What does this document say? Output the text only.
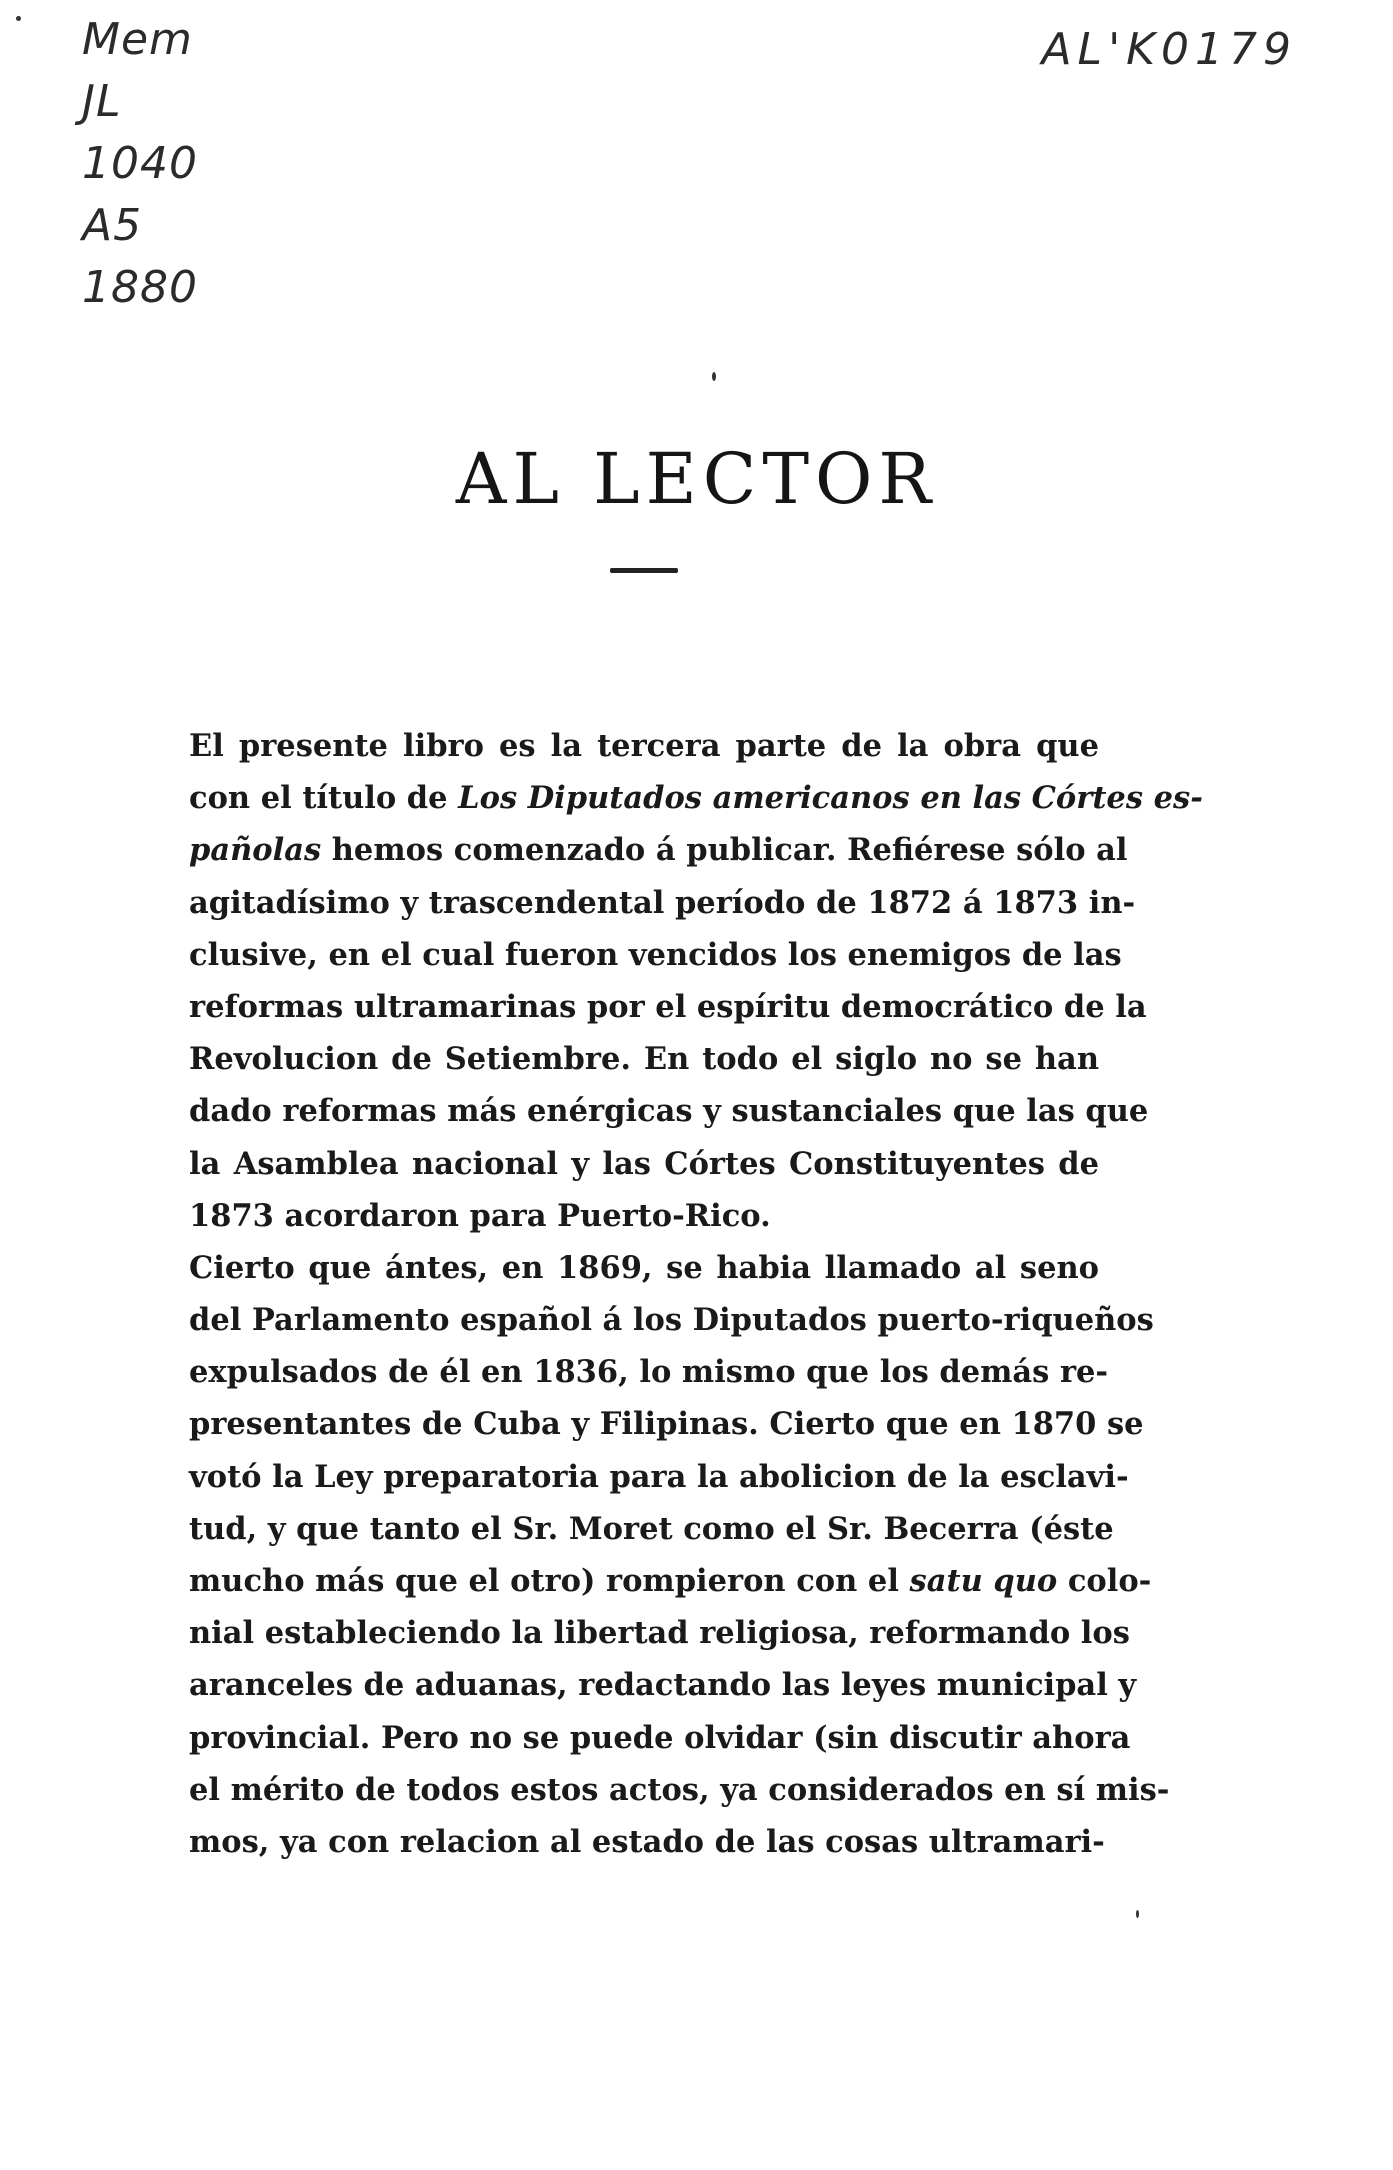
Mem
JL
1040
A5
1880
AL'K0179
AL LECTOR
El presente libro es la tercera parte de la obra que
con el título de Los Diputados americanos en las Córtes es-
pañolas hemos comenzado á publicar. Refiérese sólo al
agitadísimo y trascendental período de 1872 á 1873 in-
clusive, en el cual fueron vencidos los enemigos de las
reformas ultramarinas por el espíritu democrático de la
Revolucion de Setiembre. En todo el siglo no se han
dado reformas más enérgicas y sustanciales que las que
la Asamblea nacional y las Córtes Constituyentes de
1873 acordaron para Puerto-Rico.
Cierto que ántes, en 1869, se habia llamado al seno
del Parlamento español á los Diputados puerto-riqueños
expulsados de él en 1836, lo mismo que los demás re-
presentantes de Cuba y Filipinas. Cierto que en 1870 se
votó la Ley preparatoria para la abolicion de la esclavi-
tud, y que tanto el Sr. Moret como el Sr. Becerra (éste
mucho más que el otro) rompieron con el satu quo colo-
nial estableciendo la libertad religiosa, reformando los
aranceles de aduanas, redactando las leyes municipal y
provincial. Pero no se puede olvidar (sin discutir ahora
el mérito de todos estos actos, ya considerados en sí mis-
mos, ya con relacion al estado de las cosas ultramari-
